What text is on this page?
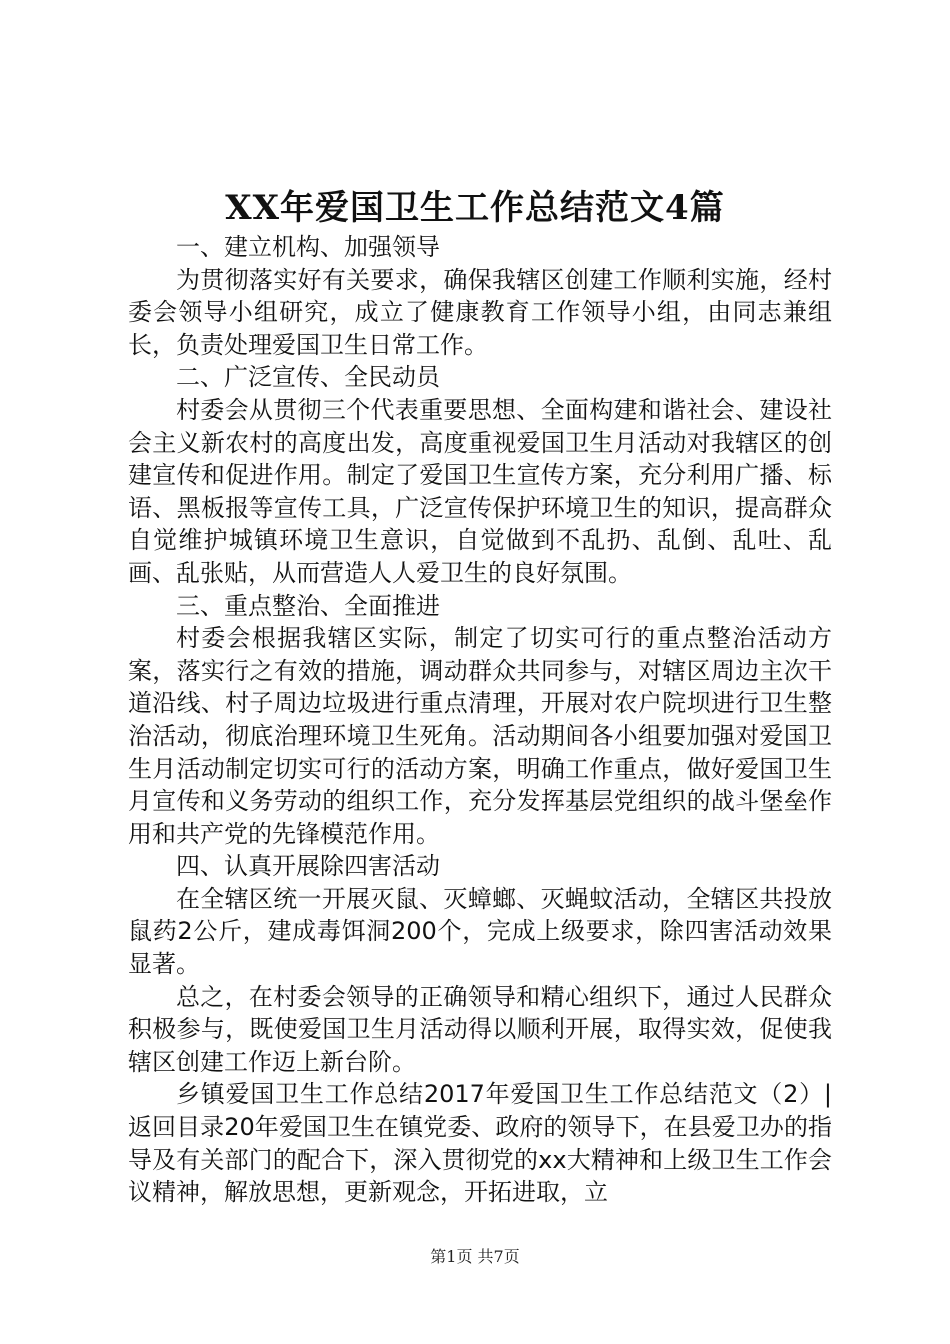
XX年爱国卫生工作总结范文4篇

一、建立机构、加强领导

为贯彻落实好有关要求，确保我辖区创建工作顺利实施，经村委会领导小组研究，成立了健康教育工作领导小组，由同志兼组长，负责处理爱国卫生日常工作。

二、广泛宣传、全民动员

村委会从贯彻三个代表重要思想、全面构建和谐社会、建设社会主义新农村的高度出发，高度重视爱国卫生月活动对我辖区的创建宣传和促进作用。制定了爱国卫生宣传方案，充分利用广播、标语、黑板报等宣传工具，广泛宣传保护环境卫生的知识，提高群众自觉维护城镇环境卫生意识，自觉做到不乱扔、乱倒、乱吐、乱画、乱张贴，从而营造人人爱卫生的良好氛围。

三、重点整治、全面推进

村委会根据我辖区实际，制定了切实可行的重点整治活动方案，落实行之有效的措施，调动群众共同参与，对辖区周边主次干道沿线、村子周边垃圾进行重点清理，开展对农户院坝进行卫生整治活动，彻底治理环境卫生死角。活动期间各小组要加强对爱国卫生月活动制定切实可行的活动方案，明确工作重点，做好爱国卫生月宣传和义务劳动的组织工作，充分发挥基层党组织的战斗堡垒作用和共产党的先锋模范作用。

四、认真开展除四害活动

在全辖区统一开展灭鼠、灭蟑螂、灭蝇蚊活动，全辖区共投放鼠药2公斤，建成毒饵洞200个，完成上级要求，除四害活动效果显著。

总之，在村委会领导的正确领导和精心组织下，通过人民群众积极参与，既使爱国卫生月活动得以顺利开展，取得实效，促使我辖区创建工作迈上新台阶。

乡镇爱国卫生工作总结2017年爱国卫生工作总结范文（2）|返回目录20年爱国卫生在镇党委、政府的领导下，在县爱卫办的指导及有关部门的配合下，深入贯彻党的xx大精神和上级卫生工作会议精神，解放思想，更新观念，开拓进取，立

第1页 共7页
